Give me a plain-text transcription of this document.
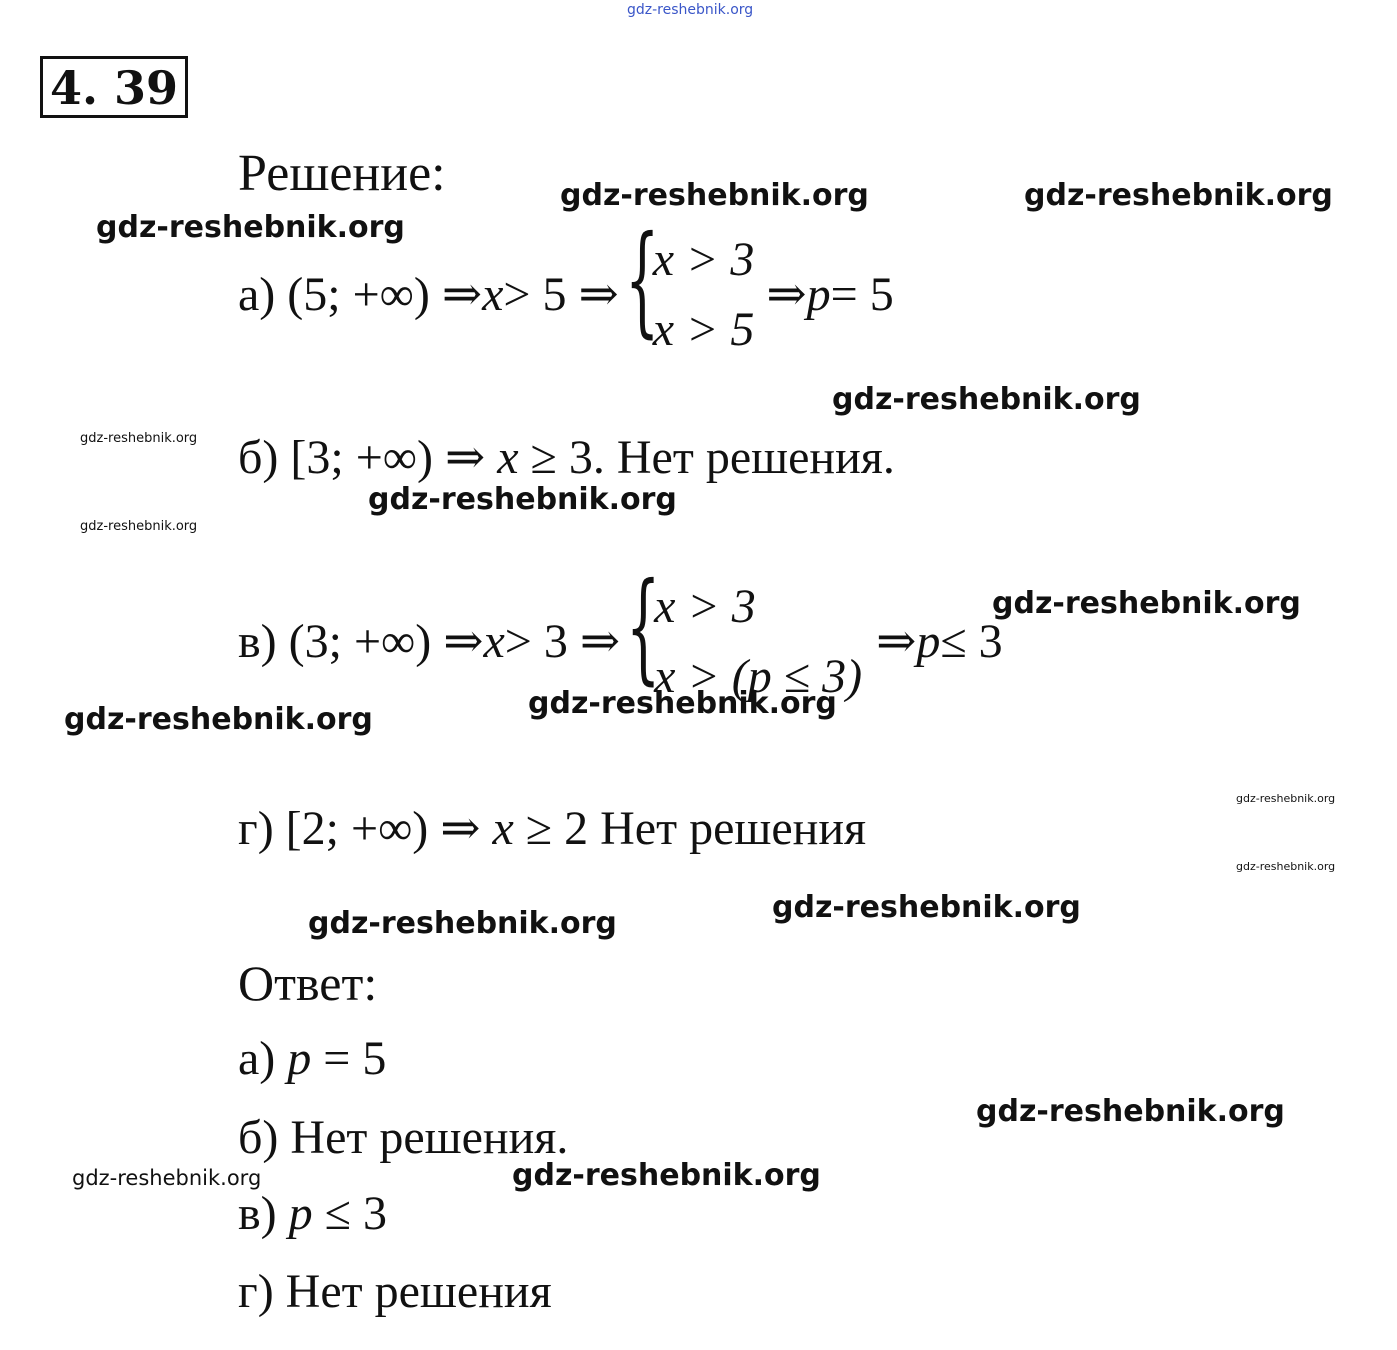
gdz-reshebnik.org
4. 39
Решение:
а) (5; +∞) ⇒ x > 5 ⇒ {
x > 3
x > 5
⇒ p = 5
б) [3; +∞) ⇒ x ≥ 3. Нет решения.
в) (3; +∞) ⇒ x > 3 ⇒ {
x > 3
x > (p ≤ 3)
⇒ p ≤ 3
г) [2; +∞) ⇒ x ≥ 2 Нет решения
Ответ:
а) p = 5
б) Нет решения.
в) p ≤ 3
г) Нет решения
gdz-reshebnik.org	gdz-reshebnik.org
gdz-reshebnik.org
gdz-reshebnik.org
gdz-reshebnik.org
gdz-reshebnik.org
gdz-reshebnik.org
gdz-reshebnik.org
gdz-reshebnik.org
gdz-reshebnik.org
gdz-reshebnik.org
gdz-reshebnik.org
gdz-reshebnik.org
gdz-reshebnik.org
gdz-reshebnik.org
gdz-reshebnik.org
gdz-reshebnik.org
